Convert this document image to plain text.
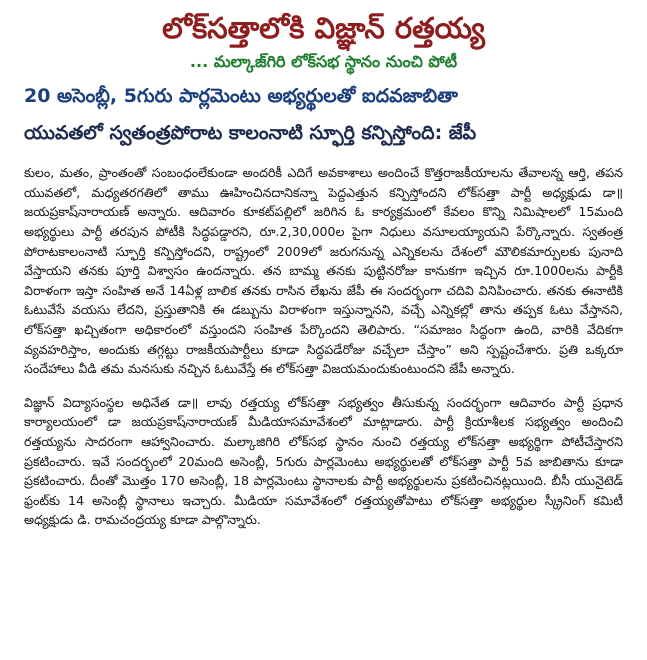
లోక్‌సత్తాలోకి విజ్ఞాన్ రత్తయ్య
... మల్కాజ్‌గిరి లోక్‌సభ స్థానం నుంచి పోటీ
20 అసెంబ్లీ, 5గురు పార్లమెంటు అభ్యర్థులతో ఐదవజాబితా
యువతలో స్వతంత్రపోరాట కాలంనాటి స్ఫూర్తి కన్పిస్తోంది: జేపీ

కులం, మతం, ప్రాంతంతో సంబంధంలేకుండా అందరికీ ఎదిగే అవకాశాలు అందించే కొత్తరాజకీయాలను తేవాలన్న ఆర్తి, తపన యువతలో, మధ్యతరగతిలో తాము ఊహించినదానికన్నా పెద్దఎత్తున కన్పిస్తోందని లోక్‌సత్తా పార్టీ అధ్యక్షుడు డా॥ జయప్రకాష్‌నారాయణ్ అన్నారు. ఆదివారం కూకట్‌పల్లిలో జరిగిన ఓ కార్యక్రమంలో కేవలం కొన్ని నిమిషాలలో 15మంది అభ్యర్థులు పార్టీ తరపున పోటీకి సిద్ధపడ్డారని, రూ.2,30,000ల పైగా నిధులు వసూలయ్యాయని పేర్కొన్నారు. స్వతంత్ర పోరాటకాలంనాటి స్ఫూర్తి కన్పిస్తోందని, రాష్ట్రంలో 2009లో జరుగనున్న ఎన్నికలను దేశంలో మౌలికమార్పులకు పునాది వేస్తాయని తనకు పూర్తి విశ్వాసం ఉందన్నారు. తన బామ్మ తనకు పుట్టినరోజు కానుకగా ఇచ్చిన రూ.1000లను పార్టీకి విరాళంగా ఇస్తా సంహిత అనే 14ఏళ్ల బాలిక తనకు రాసిన లేఖను జేపీ ఈ సందర్భంగా చదివి వినిపించారు. తనకు ఈనాటికి ఓటువేసే వయసు లేదని, ప్రస్తుతానికి ఈ డబ్బును విరాళంగా ఇస్తున్నానని, వచ్చే ఎన్నికల్లో తాను తప్పక ఓటు వేస్తానని, లోక్‌సత్తా ఖచ్చితంగా అధికారంలో వస్తుందని సంహిత పేర్కొందని తెలిపారు. “సమాజం సిద్ధంగా ఉంది, వారికి వేదికగా వ్యవహరిస్తాం, అందుకు తగ్గట్టు రాజకీయపార్టీలు కూడా సిద్ధపడేరోజు వచ్చేలా చేస్తాం” అని స్పష్టంచేశారు. ప్రతి ఒక్కరూ సందేహాలు వీడి తమ మనసుకు నచ్చిన ఓటువేస్తే ఈ లోక్‌సత్తా విజయమందుకుంటుందని జేపీ అన్నారు.

విజ్ఞాన్ విద్యాసంస్థల అధినేత డా॥ లావు రత్తయ్య లోక్‌సత్తా సభ్యత్వం తీసుకున్న సందర్భంగా ఆదివారం పార్టీ ప్రధాన కార్యాలయంలో డా జయప్రకాష్‌నారాయణ్ మీడియాసమావేశంలో మాట్లాడారు. పార్టీ క్రియాశీలక సభ్యత్వం అందించి రత్తయ్యను సాదరంగా ఆహ్వానించారు. మల్కాజిగిరి లోక్‌సభ స్థానం నుంచి రత్తయ్య లోక్‌సత్తా అభ్యర్థిగా పోటీచేస్తారని ప్రకటించారు. ఇవే సందర్భంలో 20మంది అసెంబ్లీ, 5గురు పార్లమెంటు అభ్యర్థులతో లోక్‌సత్తా పార్టీ 5వ జాబితాను కూడా ప్రకటించారు. దీంతో మొత్తం 170 అసెంబ్లీ, 18 పార్లమెంటు స్థానాలకు పార్టీ అభ్యర్థులను ప్రకటించినట్లయింది. బీసీ యునైటెడ్ ఫ్రంట్‌కు 14 అసెంబ్లీ స్థానాలు ఇచ్చారు. మీడియా సమావేశంలో రత్తయ్యతోపాటు లోక్‌సత్తా అభ్యర్థుల స్క్రీనింగ్ కమిటీ అధ్యక్షుడు డి. రామచంద్రయ్య కూడా పాల్గొన్నారు.
